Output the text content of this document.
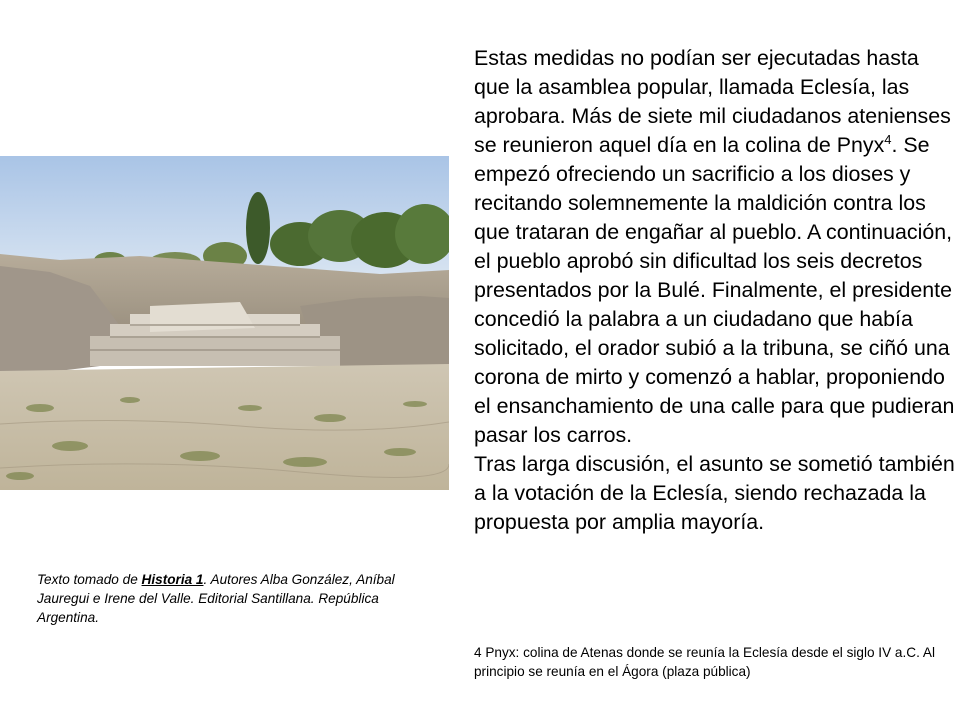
Estas medidas no podían ser ejecutadas hasta que la asamblea popular, llamada Eclesía, las aprobara. Más de siete mil ciudadanos atenienses se reunieron aquel día en la colina de Pnyx$^4$. Se empezó ofreciendo un sacrificio a los dioses y recitando solemnemente la maldición contra los que trataran de engañar al pueblo. A continuación, el pueblo aprobó sin dificultad los seis decretos presentados por la Bulé. Finalmente, el presidente concedió la palabra a un ciudadano que había solicitado, el orador subió a la tribuna, se ciñó una corona de mirto y comenzó a hablar, proponiendo el ensanchamiento de una calle para que pudieran pasar los carros.

Tras larga discusión, el asunto se sometió también a la votación de la Eclesía, siendo rechazada la propuesta por amplia mayoría.

4 Pnyx: colina de Atenas donde se reunía la Eclesía desde el siglo IV a.C. Al principio se reunía en el Ágora (plaza pública)

Texto tomado de Historia 1. Autores Alba González, Aníbal Jauregui e Irene del Valle. Editorial Santillana. República Argentina.
